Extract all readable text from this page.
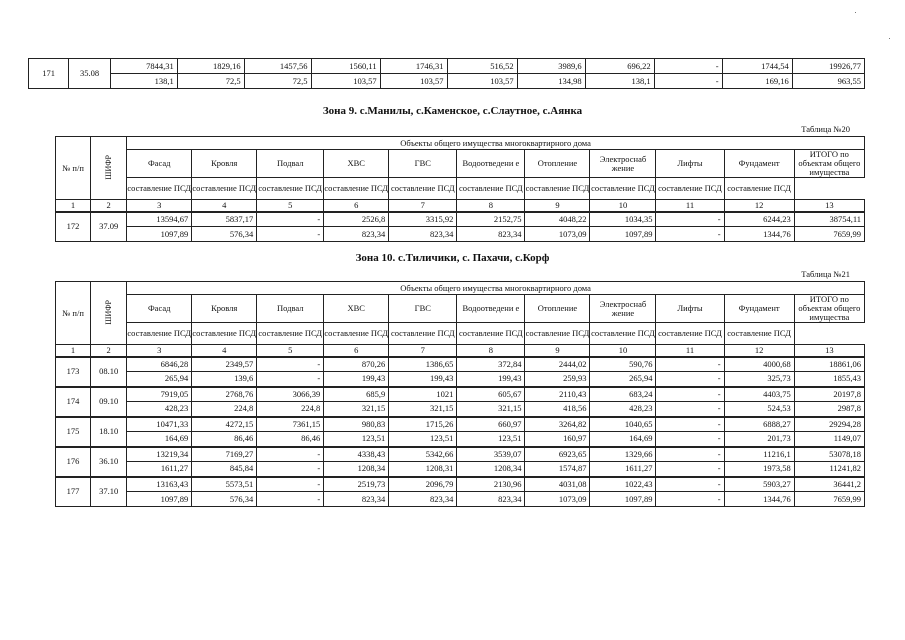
171	35.08	7844,31	1829,16	1457,56	1560,11	1746,31	516,52	3989,6	696,22	-	1744,54	19926,77
		138,1	72,5	72,5	103,57	103,57	103,57	134,98	138,1	-	169,16	963,55
Зона 9. с.Манилы, с.Каменское, с.Слаутное, с.Аянка
Таблица №20
№ п/п	ШИФР	Объекты общего имущества многоквартирного дома										
		Фасад	Кровля	Подвал	ХВС	ГВС	Водоотведени е	Отопление	Электроснаб жение	Лифты	Фундамент	ИТОГО по объектам общего имущества
		составление ПСД	составление ПСД	составление ПСД	составление ПСД	составление ПСД	составление ПСД	составление ПСД	составление ПСД	составление ПСД	составление ПСД	
1	2	3	4	5	6	7	8	9	10	11	12	13
172	37.09	13594,67	5837,17	-	2526,8	3315,92	2152,75	4048,22	1034,35	-	6244,23	38754,11
		1097,89	576,34	-	823,34	823,34	823,34	1073,09	1097,89	-	1344,76	7659,99
Зона 10. с.Тиличики, с. Пахачи, с.Корф
Таблица №21
№ п/п	ШИФР	Объекты общего имущества многоквартирного дома										
		Фасад	Кровля	Подвал	ХВС	ГВС	Водоотведени е	Отопление	Электроснаб жение	Лифты	Фундамент	ИТОГО по объектам общего имущества
		составление ПСД	составление ПСД	составление ПСД	составление ПСД	составление ПСД	составление ПСД	составление ПСД	составление ПСД	составление ПСД	составление ПСД	
1	2	3	4	5	6	7	8	9	10	11	12	13
173	08.10	6846,28	2349,57	-	870,26	1386,65	372,84	2444,02	590,76	-	4000,68	18861,06
		265,94	139,6	-	199,43	199,43	199,43	259,93	265,94	-	325,73	1855,43
174	09.10	7919,05	2768,76	3066,39	685,9	1021	605,67	2110,43	683,24	-	4403,75	20197,8
		428,23	224,8	224,8	321,15	321,15	321,15	418,56	428,23	-	524,53	2987,8
175	18.10	10471,33	4272,15	7361,15	980,83	1715,26	660,97	3264,82	1040,65	-	6888,27	29294,28
		164,69	86,46	86,46	123,51	123,51	123,51	160,97	164,69	-	201,73	1149,07
176	36.10	13219,34	7169,27	-	4338,43	5342,66	3539,07	6923,65	1329,66	-	11216,1	53078,18
		1611,27	845,84	-	1208,34	1208,31	1208,34	1574,87	1611,27	-	1973,58	11241,82
177	37.10	13163,43	5573,51	-	2519,73	2096,79	2130,96	4031,08	1022,43	-	5903,27	36441,2
		1097,89	576,34	-	823,34	823,34	823,34	1073,09	1097,89	-	1344,76	7659,99
